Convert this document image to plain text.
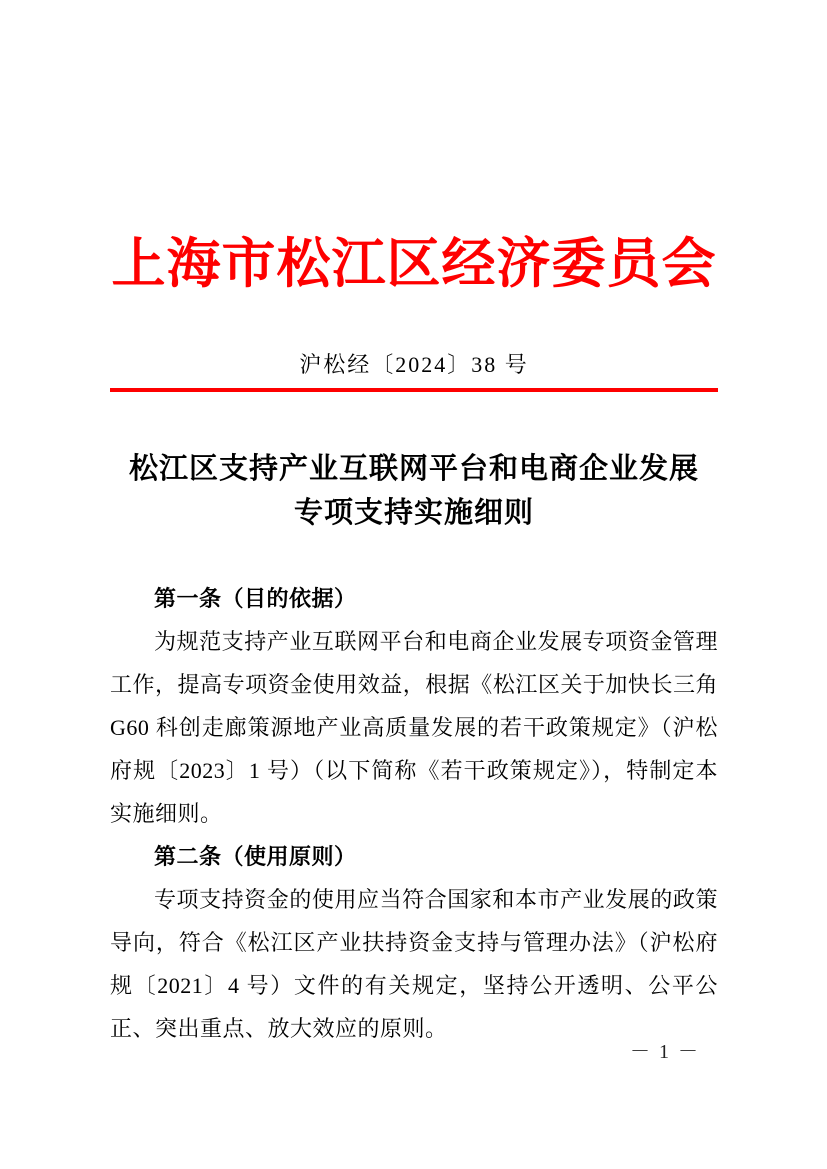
上海市松江区经济委员会
沪松经〔2024〕38 号
松江区支持产业互联网平台和电商企业发展
专项支持实施细则
第一条（目的依据）

为规范支持产业互联网平台和电商企业发展专项资金管理工作，提高专项资金使用效益，根据《松江区关于加快长三角 G60 科创走廊策源地产业高质量发展的若干政策规定》（沪松府规〔2023〕1 号）（以下简称《若干政策规定》），特制定本实施细则。

第二条（使用原则）

专项支持资金的使用应当符合国家和本市产业发展的政策导向，符合《松江区产业扶持资金支持与管理办法》（沪松府规〔2021〕4 号）文件的有关规定，坚持公开透明、公平公正、突出重点、放大效应的原则。

－ 1 －
